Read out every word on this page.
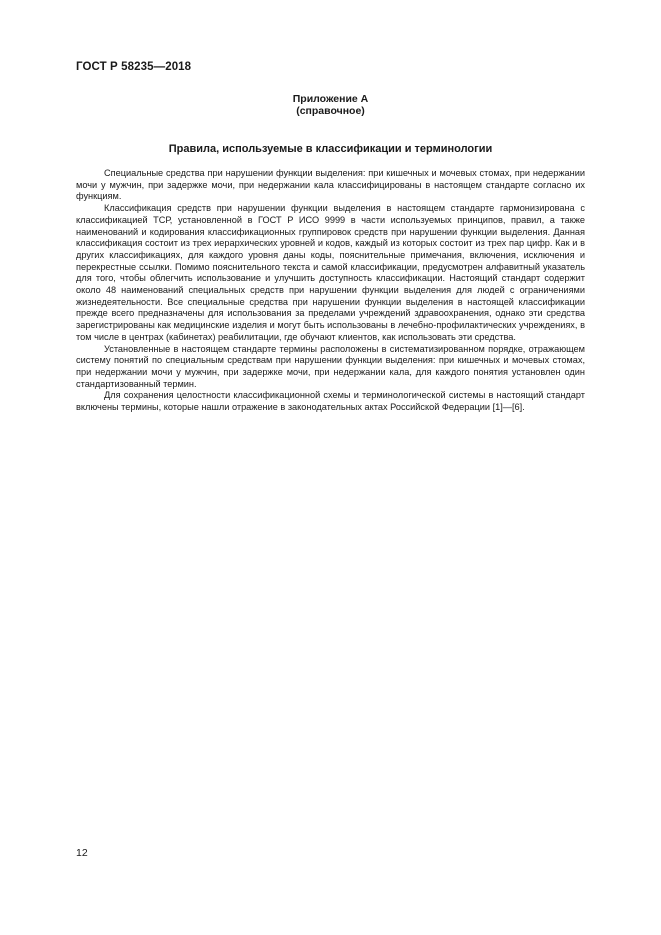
ГОСТ Р 58235—2018
Приложение А
(справочное)
Правила, используемые в классификации и терминологии

Специальные средства при нарушении функции выделения: при кишечных и мочевых стомах, при недержании мочи у мужчин, при задержке мочи, при недержании кала классифицированы в настоящем стандарте согласно их функциям.

Классификация средств при нарушении функции выделения в настоящем стандарте гармонизирована с классификацией ТСР, установленной в ГОСТ Р ИСО 9999 в части используемых принципов, правил, а также наименований и кодирования классификационных группировок средств при нарушении функции выделения. Данная классификация состоит из трех иерархических уровней и кодов, каждый из которых состоит из трех пар цифр. Как и в других классификациях, для каждого уровня даны коды, пояснительные примечания, включения, исключения и перекрестные ссылки. Помимо пояснительного текста и самой классификации, предусмотрен алфавитный указатель для того, чтобы облегчить использование и улучшить доступность классификации. Настоящий стандарт содержит около 48 наименований специальных средств при нарушении функции выделения для людей с ограничениями жизнедеятельности. Все специальные средства при нарушении функции выделения в настоящей классификации прежде всего предназначены для использования за пределами учреждений здравоохранения, однако эти средства зарегистрированы как медицинские изделия и могут быть использованы в лечебно-профилактических учреждениях, в том числе в центрах (кабинетах) реабилитации, где обучают клиентов, как использовать эти средства.

Установленные в настоящем стандарте термины расположены в систематизированном порядке, отражающем систему понятий по специальным средствам при нарушении функции выделения: при кишечных и мочевых стомах, при недержании мочи у мужчин, при задержке мочи, при недержании кала, для каждого понятия установлен один стандартизованный термин.

Для сохранения целостности классификационной схемы и терминологической системы в настоящий стандарт включены термины, которые нашли отражение в законодательных актах Российской Федерации [1]—[6].

12
